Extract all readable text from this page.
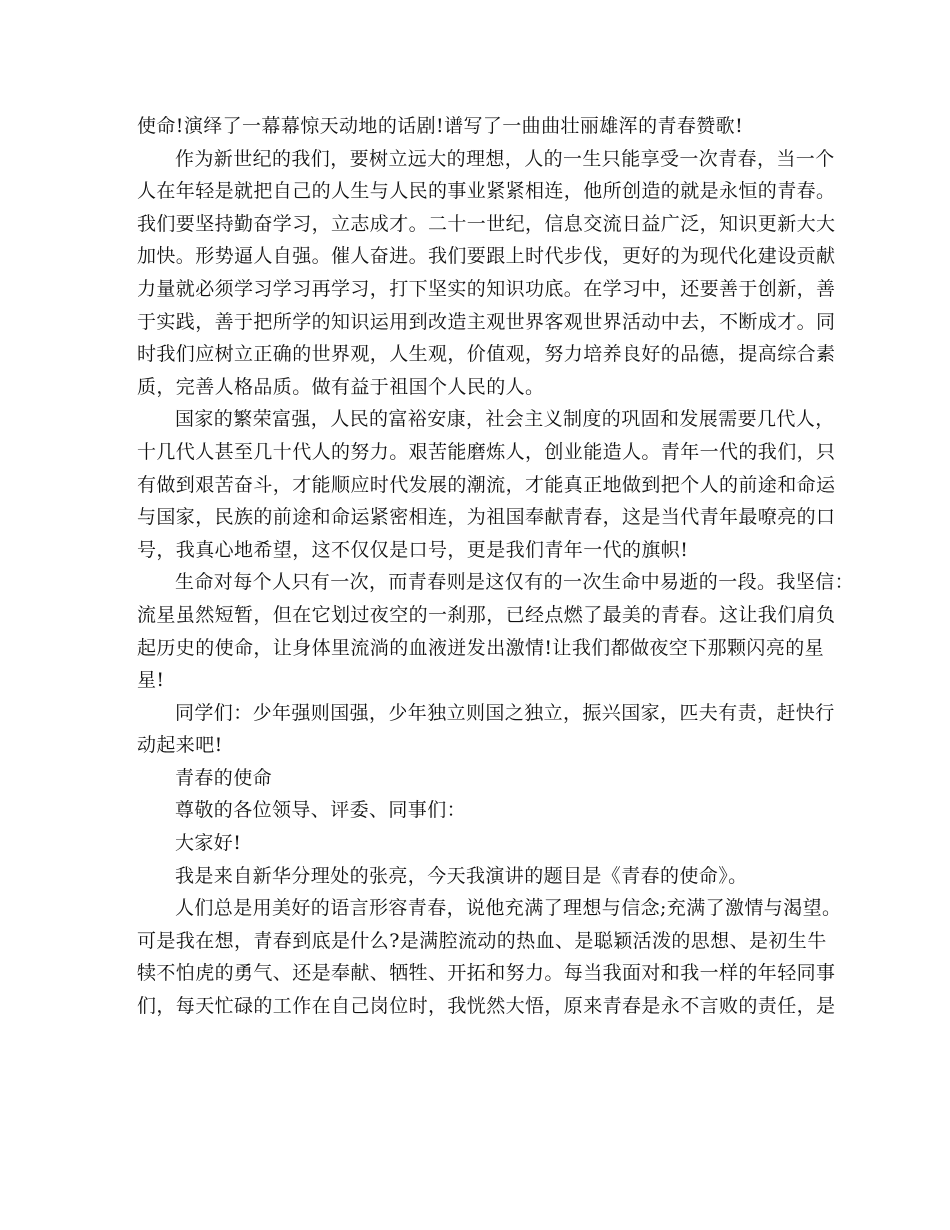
使命!演绎了一幕幕惊天动地的话剧!谱写了一曲曲壮丽雄浑的青春赞歌!

作为新世纪的我们，要树立远大的理想，人的一生只能享受一次青春，当一个

人在年轻是就把自己的人生与人民的事业紧紧相连，他所创造的就是永恒的青春。

我们要坚持勤奋学习，立志成才。二十一世纪，信息交流日益广泛，知识更新大大

加快。形势逼人自强。催人奋进。我们要跟上时代步伐，更好的为现代化建设贡献

力量就必须学习学习再学习，打下坚实的知识功底。在学习中，还要善于创新，善

于实践，善于把所学的知识运用到改造主观世界客观世界活动中去，不断成才。同

时我们应树立正确的世界观，人生观，价值观，努力培养良好的品德，提高综合素

质，完善人格品质。做有益于祖国个人民的人。

国家的繁荣富强，人民的富裕安康，社会主义制度的巩固和发展需要几代人，

十几代人甚至几十代人的努力。艰苦能磨炼人，创业能造人。青年一代的我们，只

有做到艰苦奋斗，才能顺应时代发展的潮流，才能真正地做到把个人的前途和命运

与国家，民族的前途和命运紧密相连，为祖国奉献青春，这是当代青年最嘹亮的口

号，我真心地希望，这不仅仅是口号，更是我们青年一代的旗帜!

生命对每个人只有一次，而青春则是这仅有的一次生命中易逝的一段。我坚信：

流星虽然短暂，但在它划过夜空的一刹那，已经点燃了最美的青春。这让我们肩负

起历史的使命，让身体里流淌的血液迸发出激情!让我们都做夜空下那颗闪亮的星

星!

同学们：少年强则国强，少年独立则国之独立，振兴国家，匹夫有责，赶快行

动起来吧!

青春的使命

尊敬的各位领导、评委、同事们：

大家好!

我是来自新华分理处的张亮，今天我演讲的题目是《青春的使命》。

人们总是用美好的语言形容青春，说他充满了理想与信念;充满了激情与渴望。

可是我在想，青春到底是什么?是满腔流动的热血、是聪颖活泼的思想、是初生牛

犊不怕虎的勇气、还是奉献、牺牲、开拓和努力。每当我面对和我一样的年轻同事

们，每天忙碌的工作在自己岗位时，我恍然大悟，原来青春是永不言败的责任，是
